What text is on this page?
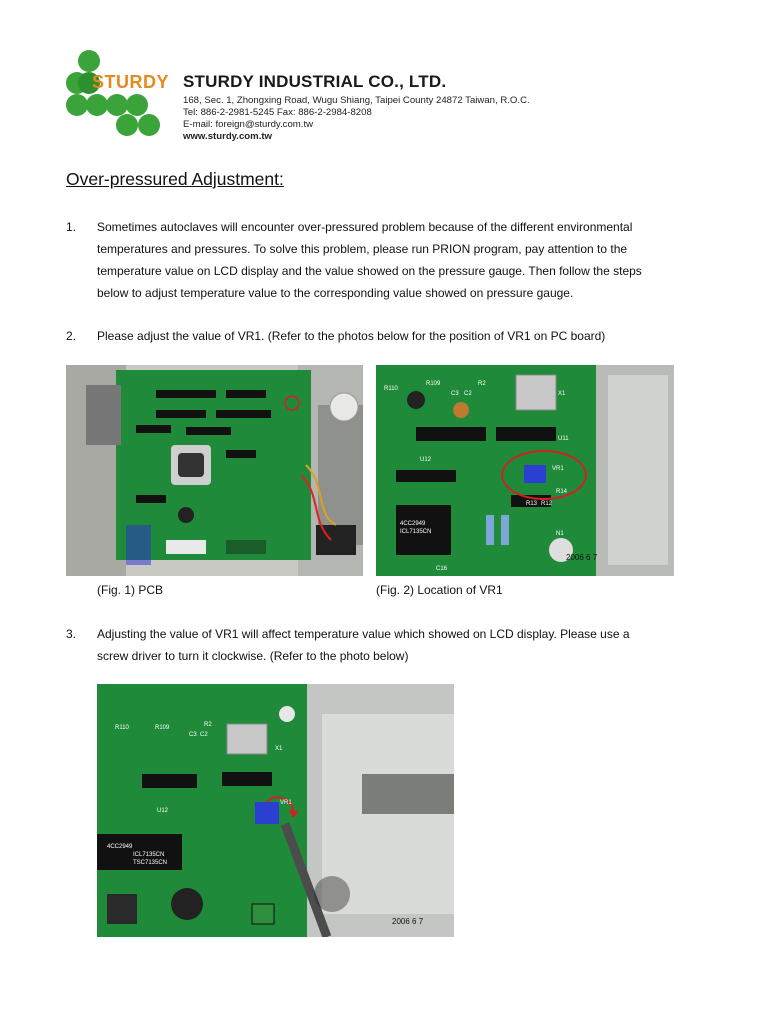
STURDY STURDY INDUSTRIAL CO., LTD.
168, Sec. 1, Zhongxing Road, Wugu Shiang, Taipei County 24872 Taiwan, R.O.C.
Tel: 886-2-2981-5245 Fax: 886-2-2984-8208
E-mail: foreign@sturdy.com.tw
www.sturdy.com.tw
Over-pressured Adjustment:
1. Sometimes autoclaves will encounter over-pressured problem because of the different environmental
temperatures and pressures. To solve this problem, please run PRION program, pay attention to the
temperature value on LCD display and the value showed on the pressure gauge. Then follow the steps
below to adjust temperature value to the corresponding value showed on pressure gauge.
2. Please adjust the value of VR1. (Refer to the photos below for the position of VR1 on PC board)
2006 6 7
R110
R109
C3 C2
R2
X1
U11
U12
VR1
R13 R12
R14
C16
N1
4CC2949
ICL7135CN
(Fig. 1) PCB	(Fig. 2) Location of VR1
3. Adjusting the value of VR1 will affect temperature value which showed on LCD display. Please use a
screw driver to turn it clockwise. (Refer to the photo below)
2006 6 7
R110	R109	R2
C3 C2
X1
U12
VR1
4CC2949
ICL7135CN
TSC7135CN
